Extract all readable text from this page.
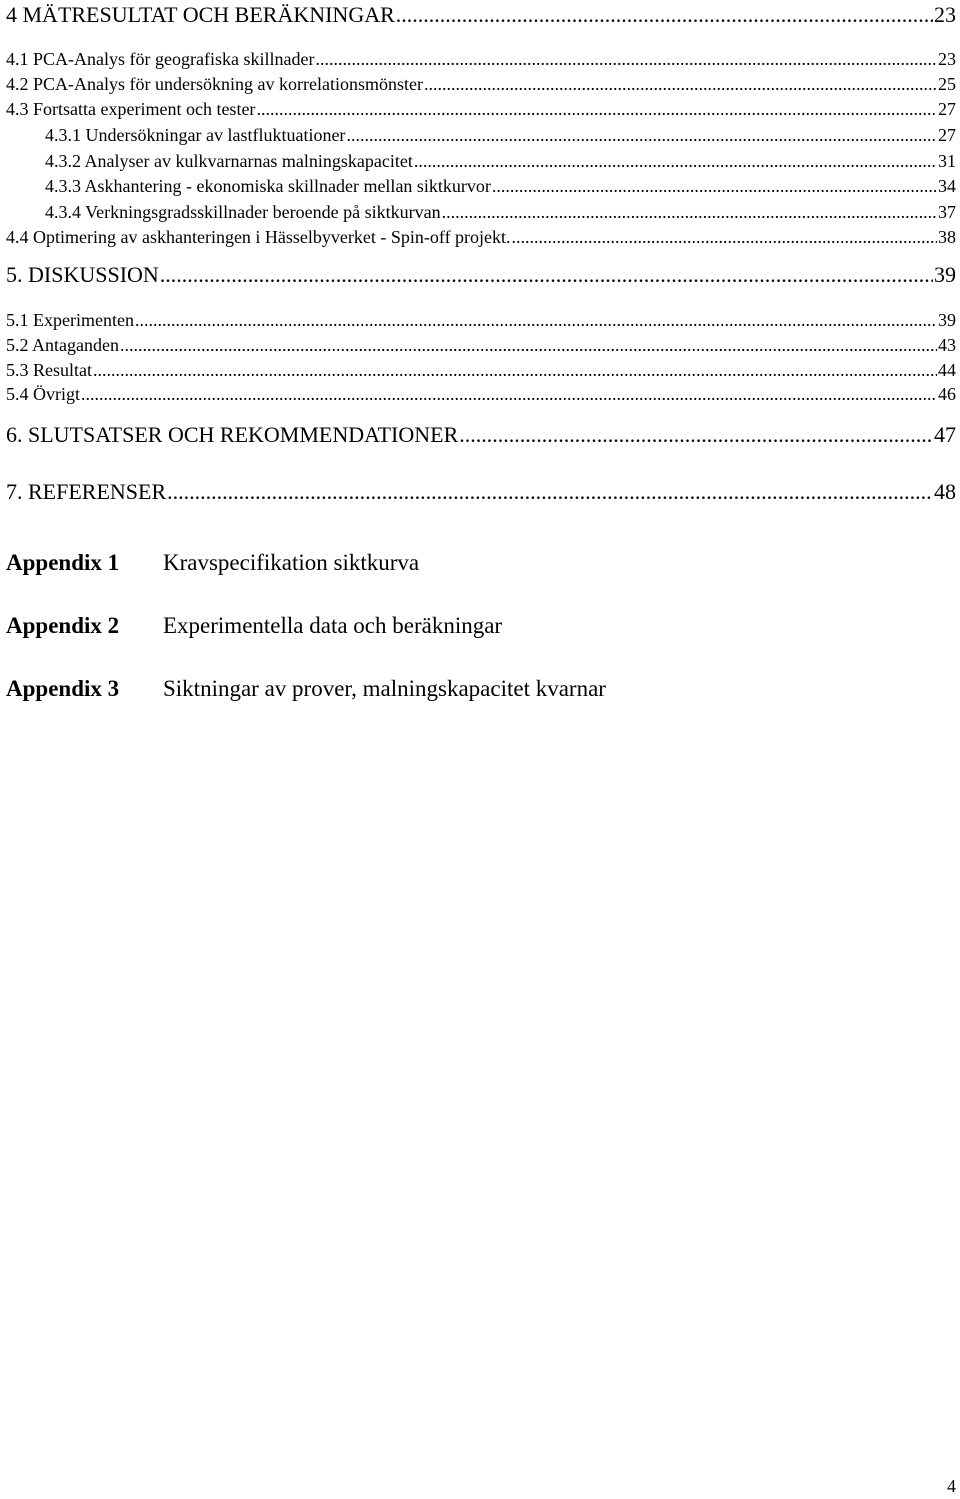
4 MÄTRESULTAT OCH BERÄKNINGAR .....	23
4.1 PCA-Analys för geografiska skillnader .....	23
4.2 PCA-Analys för undersökning av korrelationsmönster .....	25
4.3 Fortsatta experiment och tester .....	27
4.3.1 Undersökningar av lastfluktuationer .....	27
4.3.2 Analyser av kulkvarnarnas malningskapacitet .....	31
4.3.3 Askhantering - ekonomiska skillnader mellan siktkurvor .....	34
4.3.4 Verkningsgradsskillnader beroende på siktkurvan .....	37
4.4 Optimering av askhanteringen i Hässelbyverket - Spin-off projekt. .....	38
5. DISKUSSION .....	39
5.1 Experimenten .....	39
5.2 Antaganden .....	43
5.3 Resultat .....	44
5.4 Övrigt .....	46
6. SLUTSATSER OCH REKOMMENDATIONER .....	47
7. REFERENSER .....	48
Appendix 1	Kravspecifikation siktkurva
Appendix 2	Experimentella data och beräkningar
Appendix 3	Siktningar av prover, malningskapacitet kvarnar
4
